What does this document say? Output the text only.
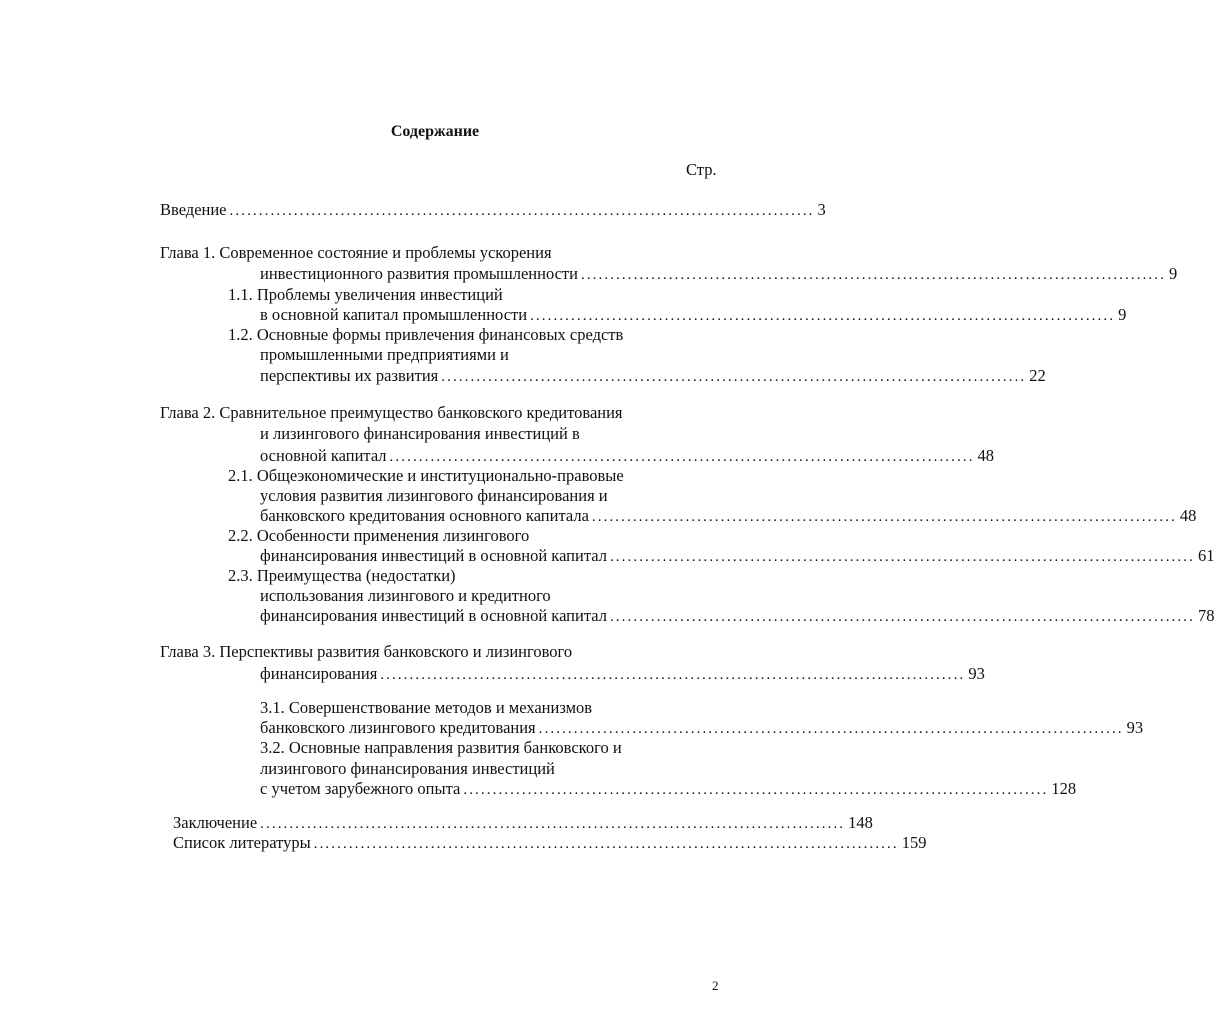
Содержание
Стр.
Введение .................................................................................................... 3
Глава 1. Современное состояние и проблемы ускорения
инвестиционного развития промышленности .................................................................................................... 9
1.1. Проблемы увеличения инвестиций
в основной капитал промышленности .................................................................................................... 9
1.2. Основные формы привлечения финансовых средств
промышленными предприятиями и
перспективы их развития .................................................................................................... 22
Глава 2. Сравнительное преимущество банковского кредитования
и лизингового финансирования инвестиций в
основной капитал .................................................................................................... 48
2.1. Общеэкономические и институционально-правовые
условия развития лизингового финансирования и
банковского кредитования основного капитала .................................................................................................... 48
2.2. Особенности применения лизингового
финансирования инвестиций в основной капитал .................................................................................................... 61
2.3. Преимущества (недостатки)
использования лизингового и кредитного
финансирования инвестиций в основной капитал .................................................................................................... 78
Глава 3. Перспективы развития банковского и лизингового
финансирования .................................................................................................... 93
3.1. Совершенствование методов и механизмов
банковского лизингового кредитования .................................................................................................... 93
3.2. Основные направления развития банковского и
лизингового финансирования инвестиций
с учетом зарубежного опыта .................................................................................................... 128
Заключение .................................................................................................... 148
Список литературы .................................................................................................... 159
2
